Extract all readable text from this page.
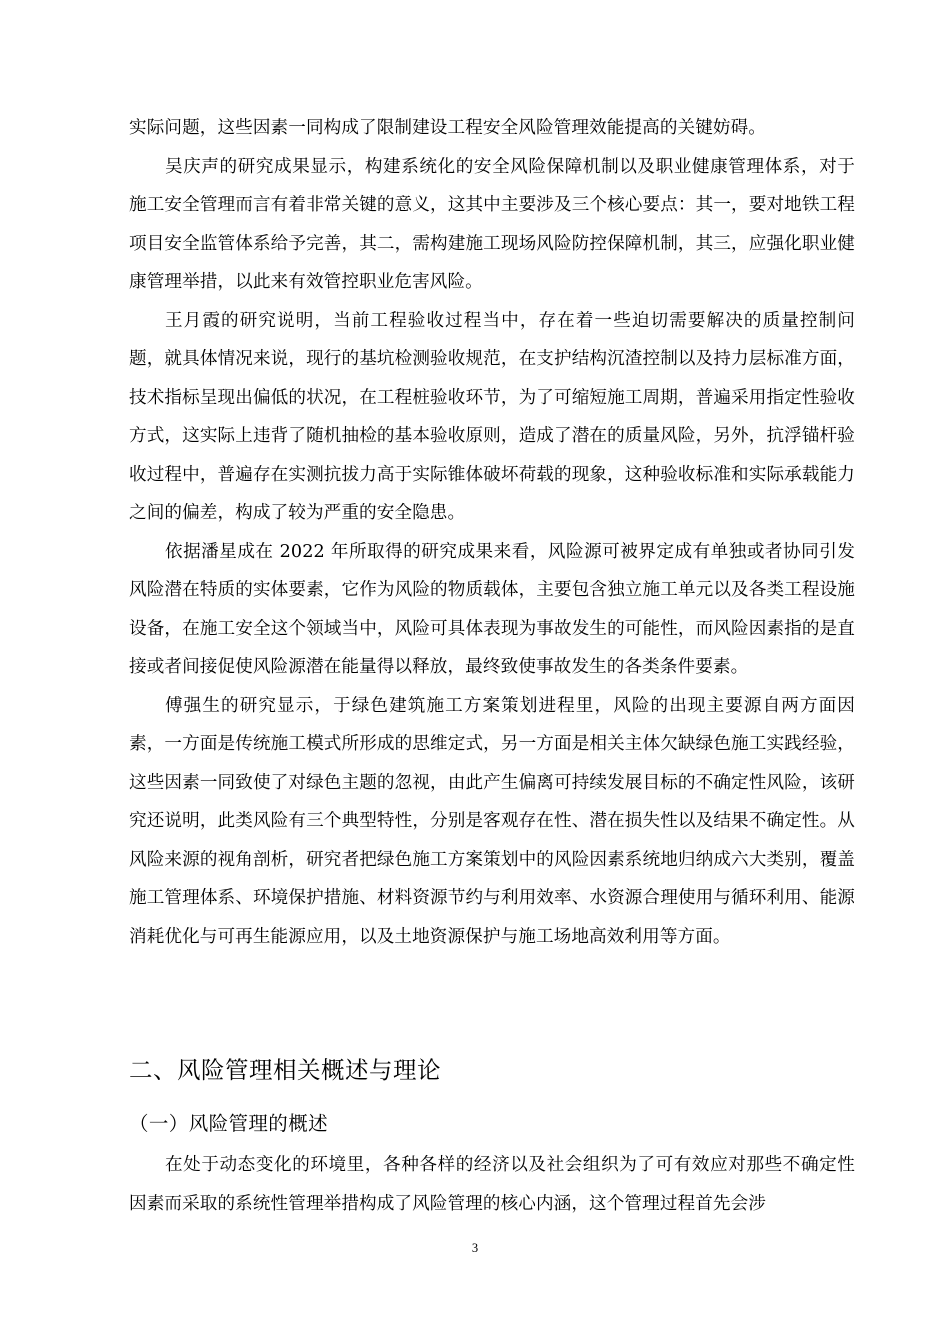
实际问题，这些因素一同构成了限制建设工程安全风险管理效能提高的关键妨碍。

吴庆声的研究成果显示，构建系统化的安全风险保障机制以及职业健康管理体系，对于施工安全管理而言有着非常关键的意义，这其中主要涉及三个核心要点：其一，要对地铁工程项目安全监管体系给予完善，其二，需构建施工现场风险防控保障机制，其三，应强化职业健康管理举措，以此来有效管控职业危害风险。

王月霞的研究说明，当前工程验收过程当中，存在着一些迫切需要解决的质量控制问题，就具体情况来说，现行的基坑检测验收规范，在支护结构沉渣控制以及持力层标准方面，技术指标呈现出偏低的状况，在工程桩验收环节，为了可缩短施工周期，普遍采用指定性验收方式，这实际上违背了随机抽检的基本验收原则，造成了潜在的质量风险，另外，抗浮锚杆验收过程中，普遍存在实测抗拔力高于实际锥体破坏荷载的现象，这种验收标准和实际承载能力之间的偏差，构成了较为严重的安全隐患。

依据潘星成在 2022 年所取得的研究成果来看，风险源可被界定成有单独或者协同引发风险潜在特质的实体要素，它作为风险的物质载体，主要包含独立施工单元以及各类工程设施设备，在施工安全这个领域当中，风险可具体表现为事故发生的可能性，而风险因素指的是直接或者间接促使风险源潜在能量得以释放，最终致使事故发生的各类条件要素。

傅强生的研究显示，于绿色建筑施工方案策划进程里，风险的出现主要源自两方面因素，一方面是传统施工模式所形成的思维定式，另一方面是相关主体欠缺绿色施工实践经验，这些因素一同致使了对绿色主题的忽视，由此产生偏离可持续发展目标的不确定性风险，该研究还说明，此类风险有三个典型特性，分别是客观存在性、潜在损失性以及结果不确定性。从风险来源的视角剖析，研究者把绿色施工方案策划中的风险因素系统地归纳成六大类别，覆盖施工管理体系、环境保护措施、材料资源节约与利用效率、水资源合理使用与循环利用、能源消耗优化与可再生能源应用，以及土地资源保护与施工场地高效利用等方面。

二、风险管理相关概述与理论
（一）风险管理的概述

在处于动态变化的环境里，各种各样的经济以及社会组织为了可有效应对那些不确定性因素而采取的系统性管理举措构成了风险管理的核心内涵，这个管理过程首先会涉

3
